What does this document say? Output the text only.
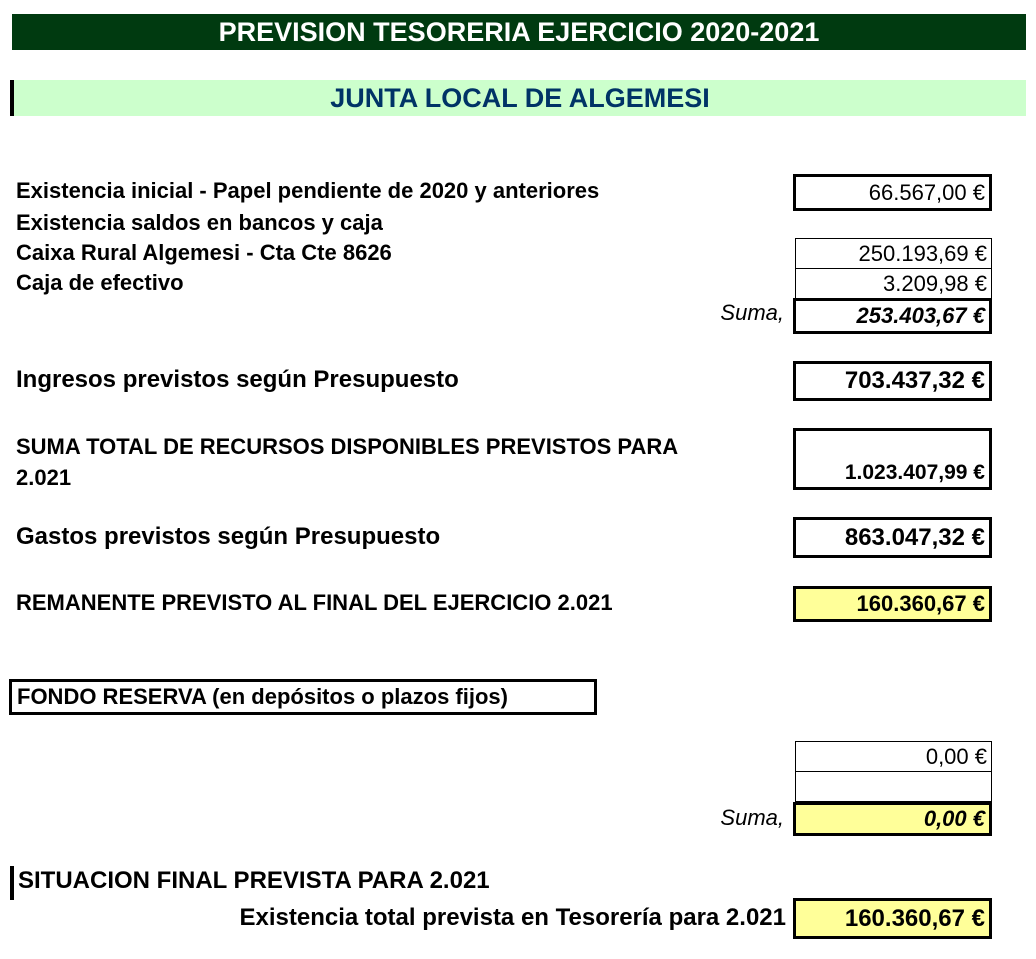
PREVISION TESORERIA EJERCICIO 2020-2021
JUNTA LOCAL DE ALGEMESI
Existencia inicial - Papel pendiente de 2020 y anteriores	66.567,00 €
Existencia saldos en bancos y caja
Caixa Rural Algemesi - Cta Cte 8626	250.193,69 €
Caja de efectivo	3.209,98 €
Suma,	253.403,67 €
Ingresos previstos según Presupuesto	703.437,32 €
SUMA TOTAL DE RECURSOS DISPONIBLES PREVISTOS PARA
2.021	1.023.407,99 €
Gastos previstos según Presupuesto	863.047,32 €
REMANENTE PREVISTO AL FINAL DEL EJERCICIO 2.021	160.360,67 €
FONDO RESERVA (en depósitos o plazos fijos)
0,00 €
Suma,	0,00 €
SITUACION FINAL PREVISTA PARA 2.021
Existencia total prevista en Tesorería para 2.021	160.360,67 €
